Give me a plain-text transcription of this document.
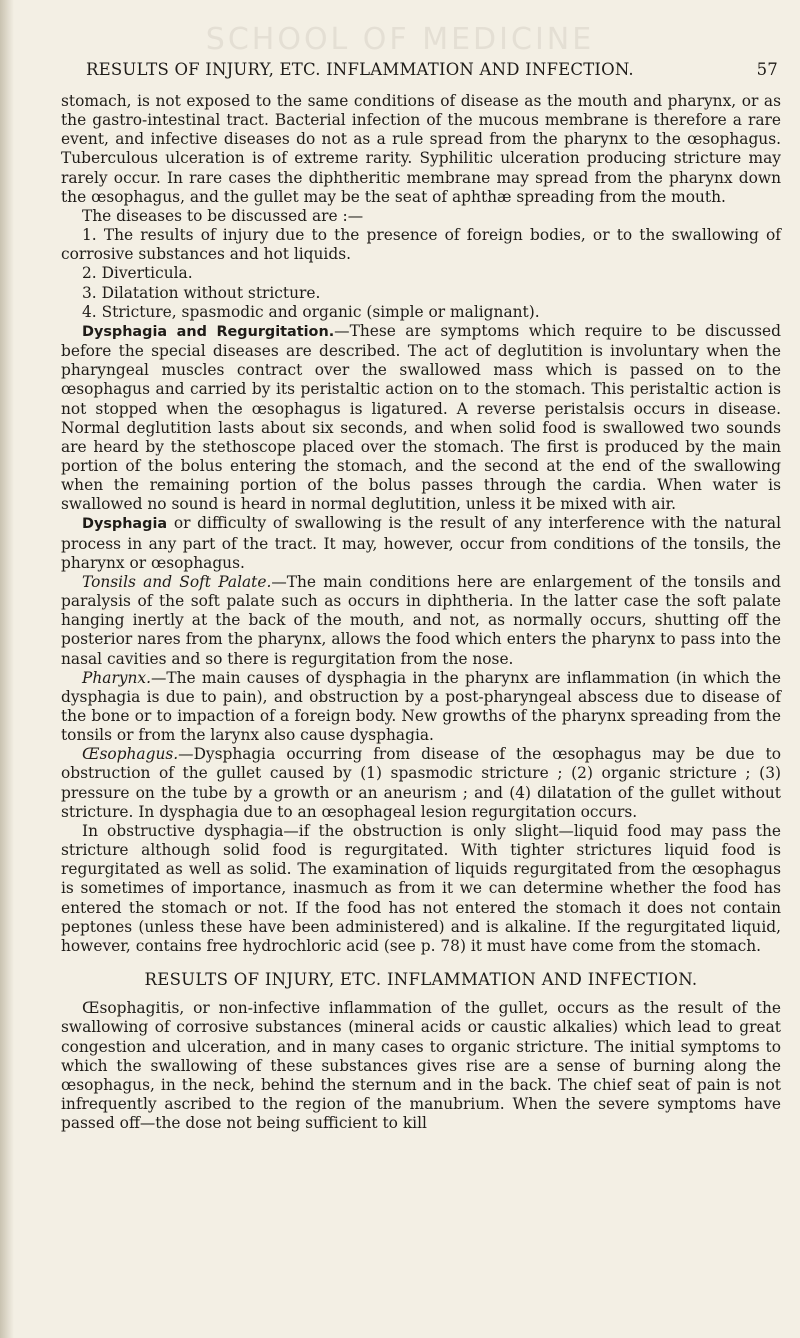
SCHOOL OF MEDICINE
RESULTS OF INJURY, ETC. INFLAMMATION AND INFECTION.	57

stomach, is not exposed to the same conditions of disease as the mouth and pharynx, or as the gastro-intestinal tract. Bacterial infection of the mucous membrane is therefore a rare event, and infective diseases do not as a rule spread from the pharynx to the œsophagus. Tuberculous ulceration is of extreme rarity. Syphilitic ulceration producing stricture may rarely occur. In rare cases the diphtheritic membrane may spread from the pharynx down the œsophagus, and the gullet may be the seat of aphthæ spreading from the mouth.

The diseases to be discussed are :—

1. The results of injury due to the presence of foreign bodies, or to the swallowing of corrosive substances and hot liquids.

2. Diverticula.

3. Dilatation without stricture.

4. Stricture, spasmodic and organic (simple or malignant).

Dysphagia and Regurgitation.—These are symptoms which require to be discussed before the special diseases are described. The act of deglutition is involuntary when the pharyngeal muscles contract over the swallowed mass which is passed on to the œsophagus and carried by its peristaltic action on to the stomach. This peristaltic action is not stopped when the œsophagus is ligatured. A reverse peristalsis occurs in disease. Normal deglutition lasts about six seconds, and when solid food is swallowed two sounds are heard by the stethoscope placed over the stomach. The first is produced by the main portion of the bolus entering the stomach, and the second at the end of the swallowing when the remaining portion of the bolus passes through the cardia. When water is swallowed no sound is heard in normal deglutition, unless it be mixed with air.

Dysphagia or difficulty of swallowing is the result of any interference with the natural process in any part of the tract. It may, however, occur from conditions of the tonsils, the pharynx or œsophagus.

Tonsils and Soft Palate.—The main conditions here are enlargement of the tonsils and paralysis of the soft palate such as occurs in diphtheria. In the latter case the soft palate hanging inertly at the back of the mouth, and not, as normally occurs, shutting off the posterior nares from the pharynx, allows the food which enters the pharynx to pass into the nasal cavities and so there is regurgitation from the nose.

Pharynx.—The main causes of dysphagia in the pharynx are inflammation (in which the dysphagia is due to pain), and obstruction by a post-pharyngeal abscess due to disease of the bone or to impaction of a foreign body. New growths of the pharynx spreading from the tonsils or from the larynx also cause dysphagia.

Œsophagus.—Dysphagia occurring from disease of the œsophagus may be due to obstruction of the gullet caused by (1) spasmodic stricture ; (2) organic stricture ; (3) pressure on the tube by a growth or an aneurism ; and (4) dilatation of the gullet without stricture. In dysphagia due to an œsophageal lesion regurgitation occurs.

In obstructive dysphagia—if the obstruction is only slight—liquid food may pass the stricture although solid food is regurgitated. With tighter strictures liquid food is regurgitated as well as solid. The examination of liquids regurgitated from the œsophagus is sometimes of importance, inasmuch as from it we can determine whether the food has entered the stomach or not. If the food has not entered the stomach it does not contain peptones (unless these have been administered) and is alkaline. If the regurgitated liquid, however, contains free hydrochloric acid (see p. 78) it must have come from the stomach.

RESULTS OF INJURY, ETC. INFLAMMATION AND INFECTION.

Œsophagitis, or non-infective inflammation of the gullet, occurs as the result of the swallowing of corrosive substances (mineral acids or caustic alkalies) which lead to great congestion and ulceration, and in many cases to organic stricture. The initial symptoms to which the swallowing of these substances gives rise are a sense of burning along the œsophagus, in the neck, behind the sternum and in the back. The chief seat of pain is not infrequently ascribed to the region of the manubrium. When the severe symptoms have passed off—the dose not being sufficient to kill
